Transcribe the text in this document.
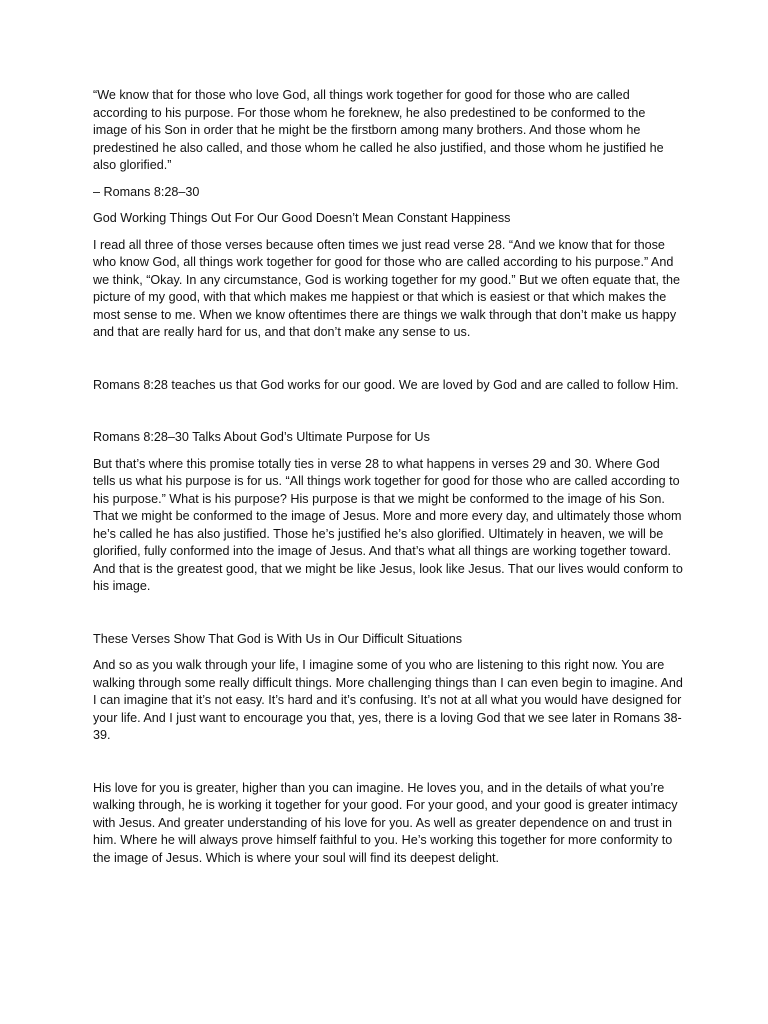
“We know that for those who love God, all things work together for good for those who are called according to his purpose. For those whom he foreknew, he also predestined to be conformed to the image of his Son in order that he might be the firstborn among many brothers. And those whom he predestined he also called, and those whom he called he also justified, and those whom he justified he also glorified.”

– Romans 8:28–30

God Working Things Out For Our Good Doesn’t Mean Constant Happiness

I read all three of those verses because often times we just read verse 28. “And we know that for those who know God, all things work together for good for those who are called according to his purpose.” And we think, “Okay. In any circumstance, God is working together for my good.” But we often equate that, the picture of my good, with that which makes me happiest or that which is easiest or that which makes the most sense to me. When we know oftentimes there are things we walk through that don’t make us happy and that are really hard for us, and that don’t make any sense to us.

Romans 8:28 teaches us that God works for our good. We are loved by God and are called to follow Him.

Romans 8:28–30 Talks About God’s Ultimate Purpose for Us

But that’s where this promise totally ties in verse 28 to what happens in verses 29 and 30. Where God tells us what his purpose is for us. “All things work together for good for those who are called according to his purpose.” What is his purpose? His purpose is that we might be conformed to the image of his Son. That we might be conformed to the image of Jesus. More and more every day, and ultimately those whom he’s called he has also justified. Those he’s justified he’s also glorified. Ultimately in heaven, we will be glorified, fully conformed into the image of Jesus. And that’s what all things are working together toward. And that is the greatest good, that we might be like Jesus, look like Jesus. That our lives would conform to his image.

These Verses Show That God is With Us in Our Difficult Situations

And so as you walk through your life, I imagine some of you who are listening to this right now. You are walking through some really difficult things. More challenging things than I can even begin to imagine. And I can imagine that it’s not easy. It’s hard and it’s confusing. It’s not at all what you would have designed for your life. And I just want to encourage you that, yes, there is a loving God that we see later in Romans 38-39.

His love for you is greater, higher than you can imagine. He loves you, and in the details of what you’re walking through, he is working it together for your good. For your good, and your good is greater intimacy with Jesus. And greater understanding of his love for you. As well as greater dependence on and trust in him. Where he will always prove himself faithful to you. He’s working this together for more conformity to the image of Jesus. Which is where your soul will find its deepest delight.
